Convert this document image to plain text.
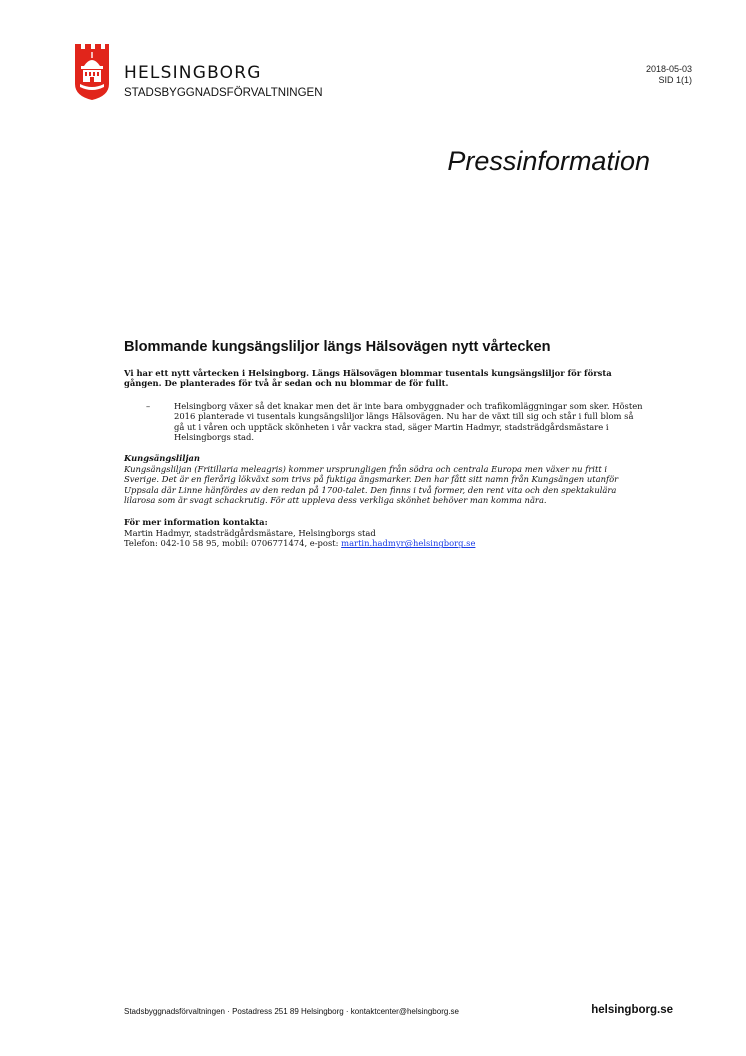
HELSINGBORG
STADSBYGGNADSFÖRVALTNINGEN
2018-05-03
SID 1(1)
Pressinformation
Blommande kungsängsliljor längs Hälsovägen nytt vårtecken
Vi har ett nytt vårtecken i Helsingborg. Längs Hälsovägen blommar tusentals kungsängsliljor för första gången. De planterades för två år sedan och nu blommar de för fullt.
–	Helsingborg växer så det knakar men det är inte bara ombyggnader och trafikomläggningar som sker. Hösten 2016 planterade vi tusentals kungsängsliljor längs Hälsovägen. Nu har de växt till sig och står i full blom så gå ut i våren och upptäck skönheten i vår vackra stad, säger Martin Hadmyr, stadsträdgårdsmästare i Helsingborgs stad.
Kungsängsliljan
Kungsängsliljan (Fritillaria meleagris) kommer ursprungligen från södra och centrala Europa men växer nu fritt i Sverige. Det är en flerårig lökväxt som trivs på fuktiga ängsmarker. Den har fått sitt namn från Kungsängen utanför Uppsala där Linne hänfördes av den redan på 1700-talet. Den finns i två former, den rent vita och den spektakulära lilarosa som är svagt schackrutig. För att uppleva dess verkliga skönhet behöver man komma nära.
För mer information kontakta:
Martin Hadmyr, stadsträdgårdsmästare, Helsingborgs stad
Telefon: 042-10 58 95, mobil: 0706771474, e-post: martin.hadmyr@helsingborg.se
Stadsbyggnadsförvaltningen · Postadress 251 89 Helsingborg · kontaktcenter@helsingborg.se	helsingborg.se
